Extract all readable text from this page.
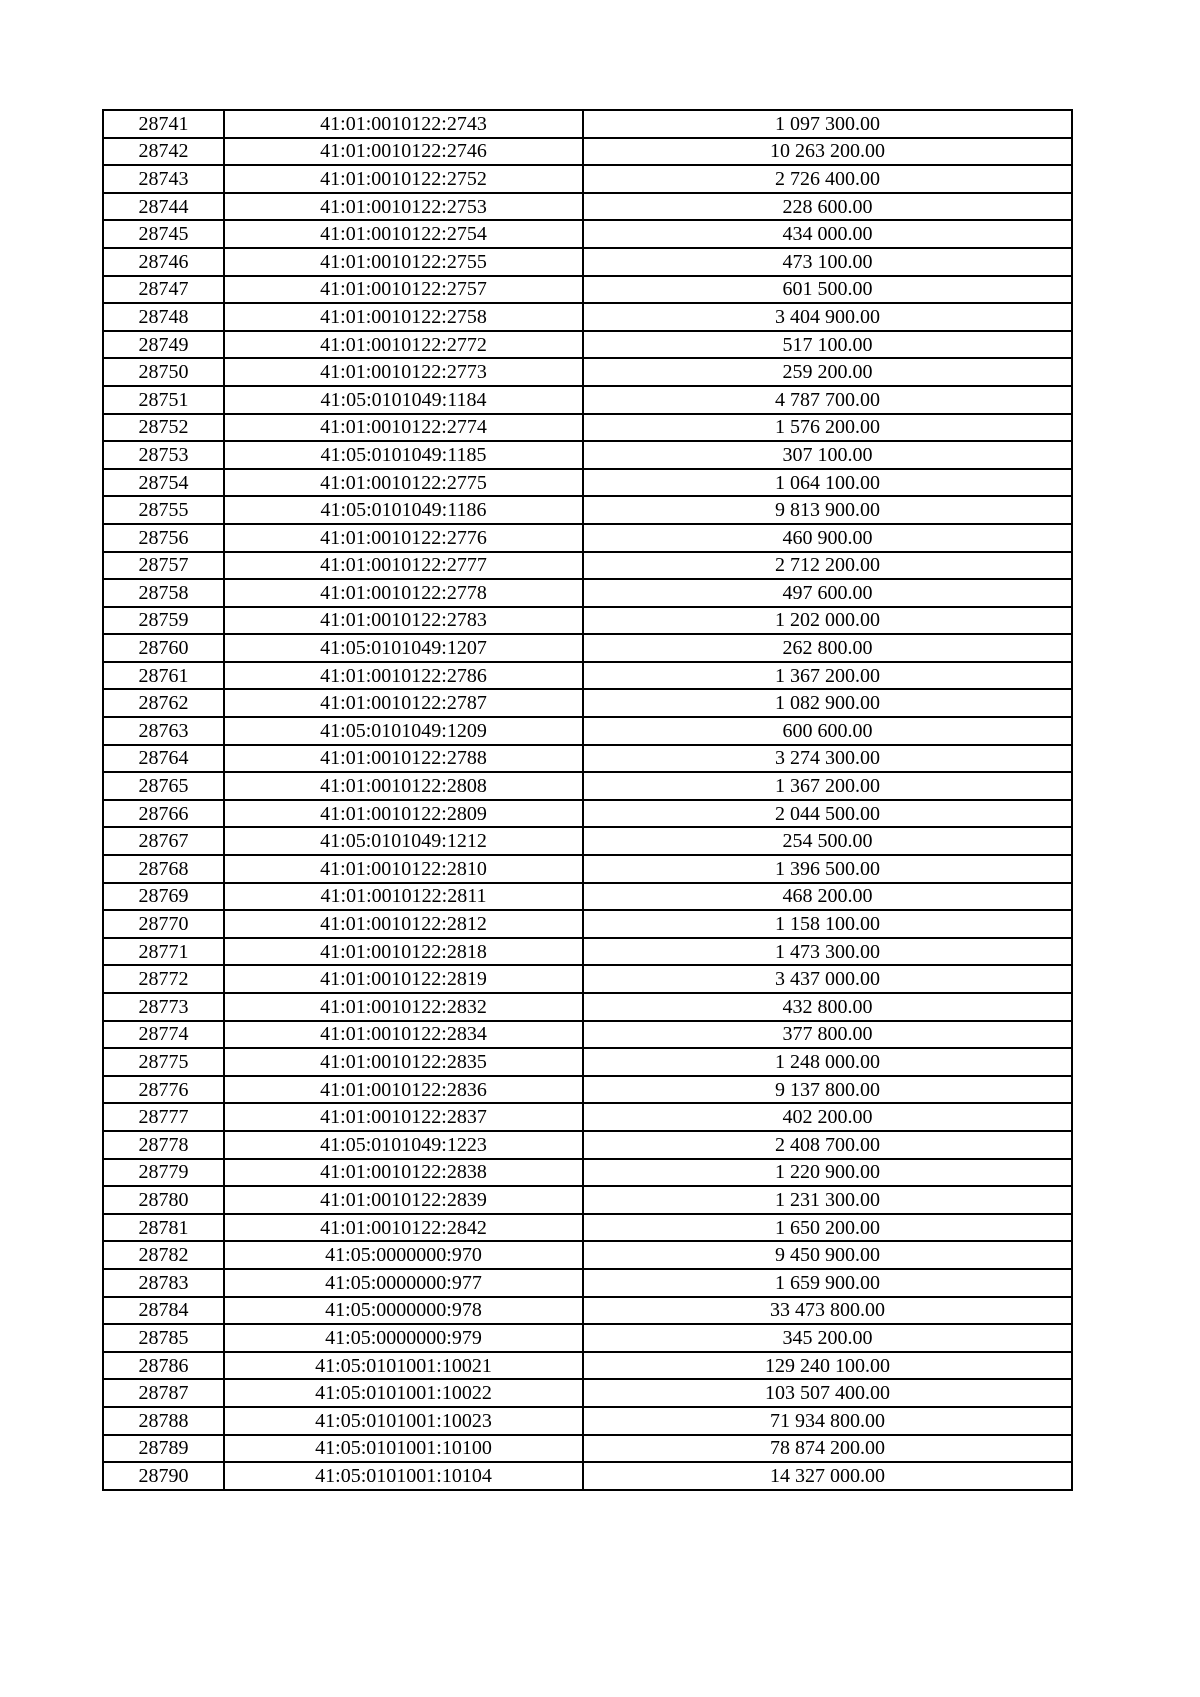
28741	41:01:0010122:2743	1 097 300.00
28742	41:01:0010122:2746	10 263 200.00
28743	41:01:0010122:2752	2 726 400.00
28744	41:01:0010122:2753	228 600.00
28745	41:01:0010122:2754	434 000.00
28746	41:01:0010122:2755	473 100.00
28747	41:01:0010122:2757	601 500.00
28748	41:01:0010122:2758	3 404 900.00
28749	41:01:0010122:2772	517 100.00
28750	41:01:0010122:2773	259 200.00
28751	41:05:0101049:1184	4 787 700.00
28752	41:01:0010122:2774	1 576 200.00
28753	41:05:0101049:1185	307 100.00
28754	41:01:0010122:2775	1 064 100.00
28755	41:05:0101049:1186	9 813 900.00
28756	41:01:0010122:2776	460 900.00
28757	41:01:0010122:2777	2 712 200.00
28758	41:01:0010122:2778	497 600.00
28759	41:01:0010122:2783	1 202 000.00
28760	41:05:0101049:1207	262 800.00
28761	41:01:0010122:2786	1 367 200.00
28762	41:01:0010122:2787	1 082 900.00
28763	41:05:0101049:1209	600 600.00
28764	41:01:0010122:2788	3 274 300.00
28765	41:01:0010122:2808	1 367 200.00
28766	41:01:0010122:2809	2 044 500.00
28767	41:05:0101049:1212	254 500.00
28768	41:01:0010122:2810	1 396 500.00
28769	41:01:0010122:2811	468 200.00
28770	41:01:0010122:2812	1 158 100.00
28771	41:01:0010122:2818	1 473 300.00
28772	41:01:0010122:2819	3 437 000.00
28773	41:01:0010122:2832	432 800.00
28774	41:01:0010122:2834	377 800.00
28775	41:01:0010122:2835	1 248 000.00
28776	41:01:0010122:2836	9 137 800.00
28777	41:01:0010122:2837	402 200.00
28778	41:05:0101049:1223	2 408 700.00
28779	41:01:0010122:2838	1 220 900.00
28780	41:01:0010122:2839	1 231 300.00
28781	41:01:0010122:2842	1 650 200.00
28782	41:05:0000000:970	9 450 900.00
28783	41:05:0000000:977	1 659 900.00
28784	41:05:0000000:978	33 473 800.00
28785	41:05:0000000:979	345 200.00
28786	41:05:0101001:10021	129 240 100.00
28787	41:05:0101001:10022	103 507 400.00
28788	41:05:0101001:10023	71 934 800.00
28789	41:05:0101001:10100	78 874 200.00
28790	41:05:0101001:10104	14 327 000.00
